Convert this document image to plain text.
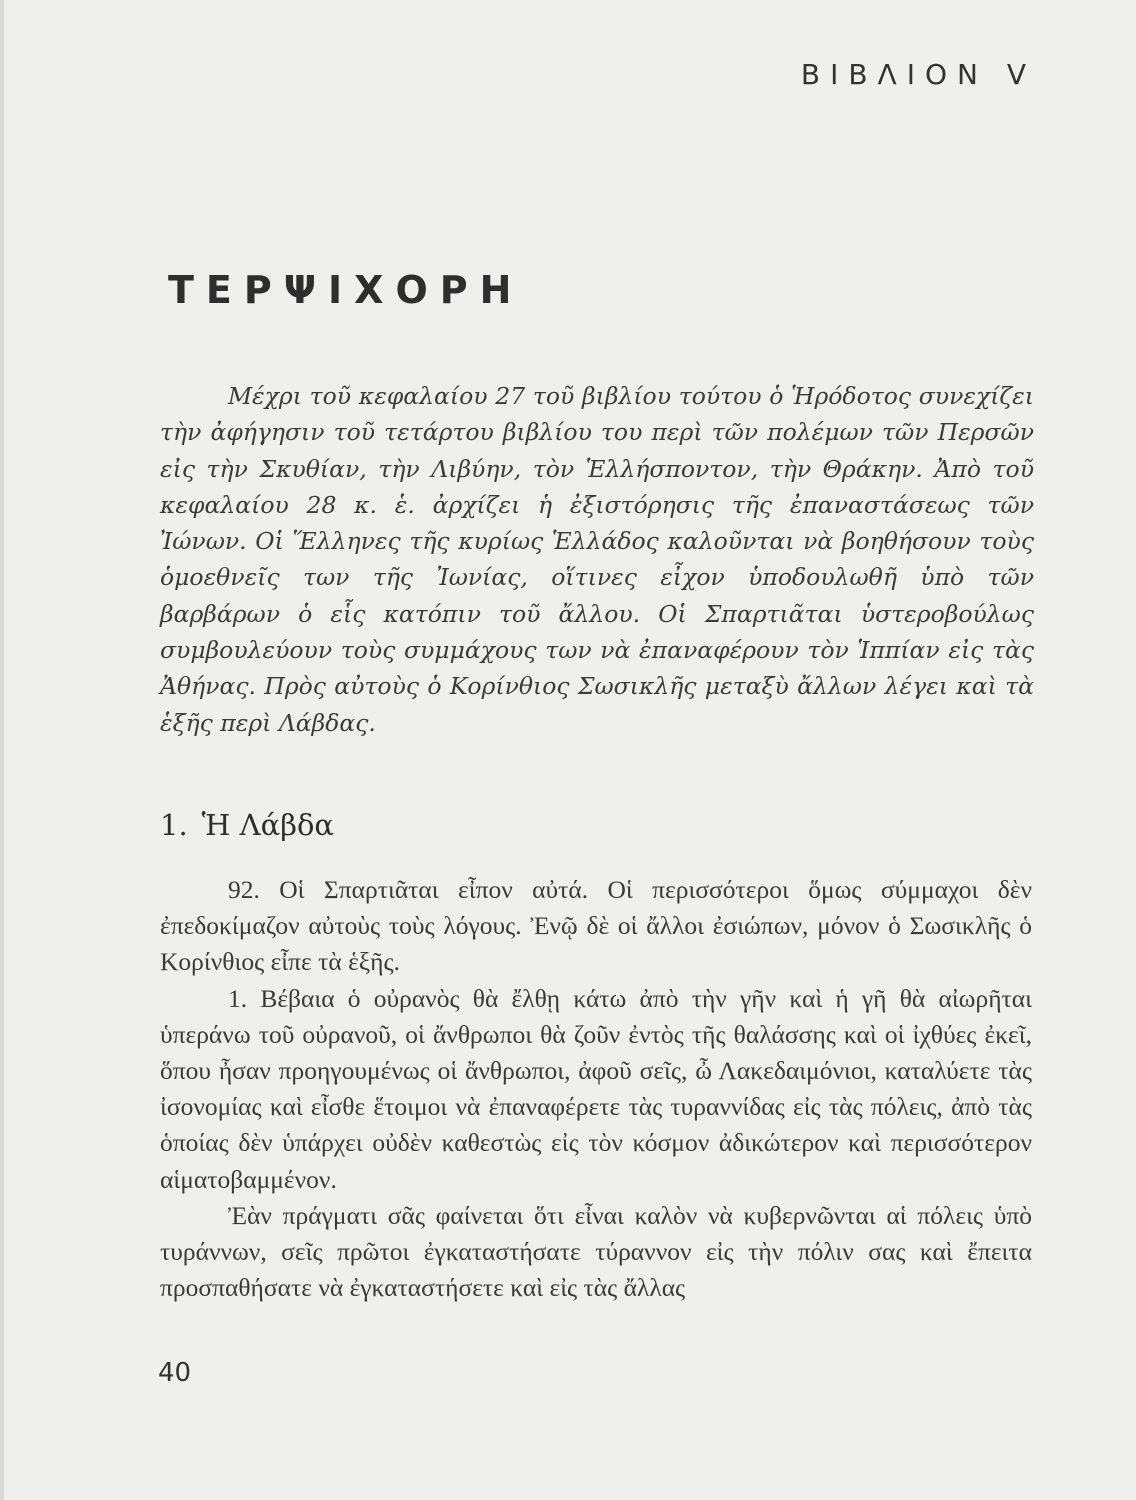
ΒΙΒΛΙΟΝ V
ΤΕΡΨΙΧΟΡΗ

Μέχρι τοῦ κεφαλαίου 27 τοῦ βιβλίου τούτου ὁ Ἡρόδοτος συνεχίζει τὴν ἀφήγησιν τοῦ τετάρτου βιβλίου του περὶ τῶν πολέμων τῶν Περσῶν εἰς τὴν Σκυθίαν, τὴν Λιβύην, τὸν Ἑλλήσποντον, τὴν Θράκην. Ἀπὸ τοῦ κεφαλαίου 28 κ. ἑ. ἀρχίζει ἡ ἐξιστόρησις τῆς ἐπαναστάσεως τῶν Ἰώνων. Οἱ Ἕλληνες τῆς κυρίως Ἑλλάδος καλοῦνται νὰ βοηθήσουν τοὺς ὁμοεθνεῖς των τῆς Ἰωνίας, οἵτινες εἶχον ὑποδουλωθῆ ὑπὸ τῶν βαρβάρων ὁ εἷς κατόπιν τοῦ ἄλλου. Οἱ Σπαρτιᾶται ὑστεροβούλως συμβουλεύουν τοὺς συμμάχους των νὰ ἐπαναφέρουν τὸν Ἱππίαν εἰς τὰς Ἀθήνας. Πρὸς αὐτοὺς ὁ Κορίνθιος Σωσικλῆς μεταξὺ ἄλλων λέγει καὶ τὰ ἑξῆς περὶ Λάβδας.

1. Ἡ Λάβδα

92. Οἱ Σπαρτιᾶται εἶπον αὐτά. Οἱ περισσότεροι ὅμως σύμμαχοι δὲν ἐπεδοκίμαζον αὐτοὺς τοὺς λόγους. Ἐνῷ δὲ οἱ ἄλλοι ἐσιώπων, μόνον ὁ Σωσικλῆς ὁ Κορίνθιος εἶπε τὰ ἑξῆς.

1. Βέβαια ὁ οὐρανὸς θὰ ἔλθῃ κάτω ἀπὸ τὴν γῆν καὶ ἡ γῆ θὰ αἰωρῆται ὑπεράνω τοῦ οὐρανοῦ, οἱ ἄνθρωποι θὰ ζοῦν ἐντὸς τῆς θαλάσσης καὶ οἱ ἰχθύες ἐκεῖ, ὅπου ἦσαν προηγουμένως οἱ ἄνθρωποι, ἀφοῦ σεῖς, ὦ Λακεδαιμόνιοι, καταλύετε τὰς ἰσονομίας καὶ εἶσθε ἕτοιμοι νὰ ἐπαναφέρετε τὰς τυραννίδας εἰς τὰς πόλεις, ἀπὸ τὰς ὁποίας δὲν ὑπάρχει οὐδὲν καθεστὼς εἰς τὸν κόσμον ἀδικώτερον καὶ περισσότερον αἱματοβαμμένον.

Ἐὰν πράγματι σᾶς φαίνεται ὅτι εἶναι καλὸν νὰ κυβερνῶνται αἱ πόλεις ὑπὸ τυράννων, σεῖς πρῶτοι ἐγκαταστήσατε τύραννον εἰς τὴν πόλιν σας καὶ ἔπειτα προσπαθήσατε νὰ ἐγκαταστήσετε καὶ εἰς τὰς ἄλλας

40
